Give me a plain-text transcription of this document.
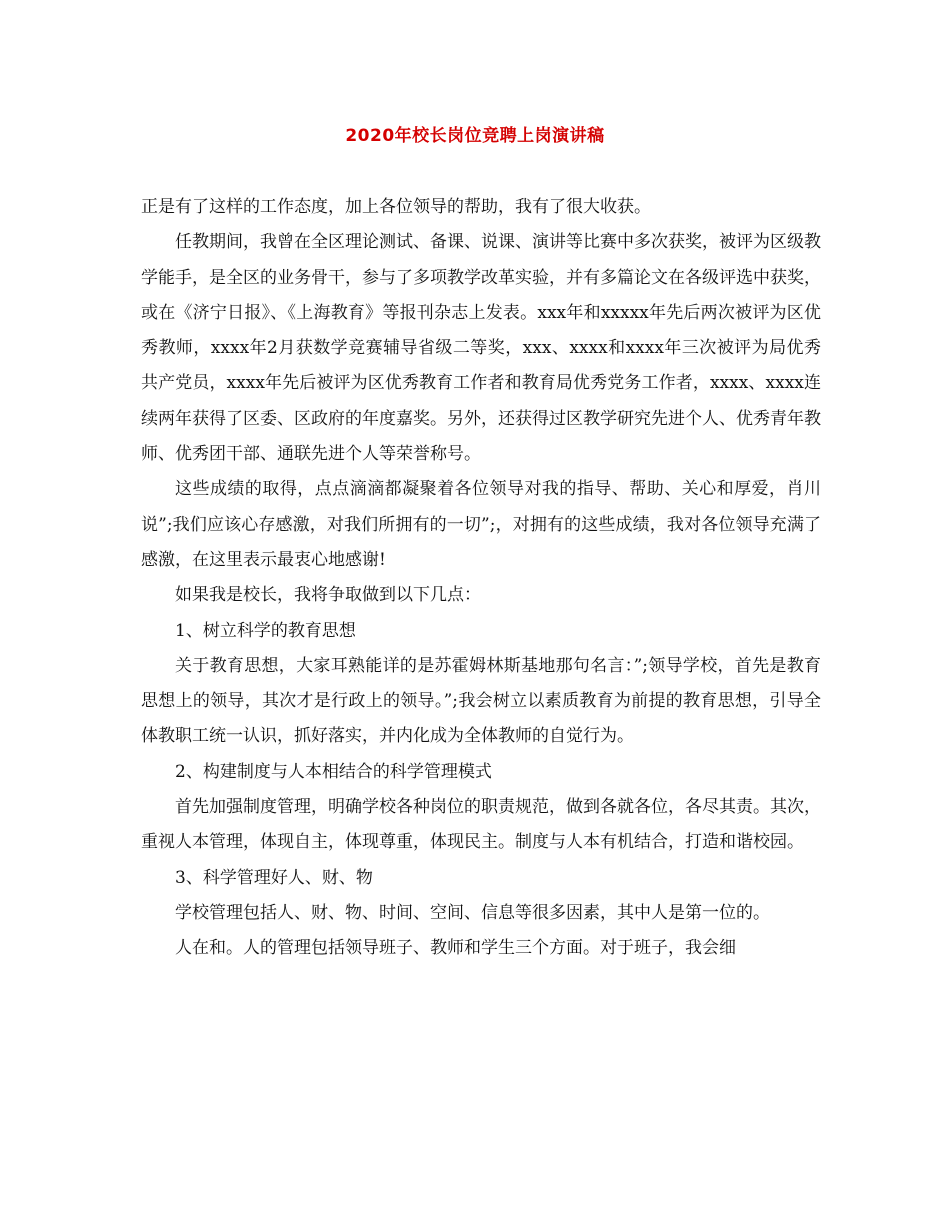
2020年校长岗位竞聘上岗演讲稿

正是有了这样的工作态度，加上各位领导的帮助，我有了很大收获。

任教期间，我曾在全区理论测试、备课、说课、演讲等比赛中多次获奖，被评为区级教学能手，是全区的业务骨干，参与了多项教学改革实验，并有多篇论文在各级评选中获奖，或在《济宁日报》、《上海教育》等报刊杂志上发表。xxx年和xxxxx年先后两次被评为区优秀教师，xxxx年2月获数学竞赛辅导省级二等奖，xxx、xxxx和xxxx年三次被评为局优秀共产党员，xxxx年先后被评为区优秀教育工作者和教育局优秀党务工作者，xxxx、xxxx连续两年获得了区委、区政府的年度嘉奖。另外，还获得过区教学研究先进个人、优秀青年教师、优秀团干部、通联先进个人等荣誉称号。

这些成绩的取得，点点滴滴都凝聚着各位领导对我的指导、帮助、关心和厚爱，肖川说”;我们应该心存感激，对我们所拥有的一切”;，对拥有的这些成绩，我对各位领导充满了感激，在这里表示最衷心地感谢!

如果我是校长，我将争取做到以下几点：

1、树立科学的教育思想

关于教育思想，大家耳熟能详的是苏霍姆林斯基地那句名言：”;领导学校，首先是教育思想上的领导，其次才是行政上的领导。”;我会树立以素质教育为前提的教育思想，引导全体教职工统一认识，抓好落实，并内化成为全体教师的自觉行为。

2、构建制度与人本相结合的科学管理模式

首先加强制度管理，明确学校各种岗位的职责规范，做到各就各位，各尽其责。其次，重视人本管理，体现自主，体现尊重，体现民主。制度与人本有机结合，打造和谐校园。

3、科学管理好人、财、物

学校管理包括人、财、物、时间、空间、信息等很多因素，其中人是第一位的。

人在和。人的管理包括领导班子、教师和学生三个方面。对于班子，我会细
